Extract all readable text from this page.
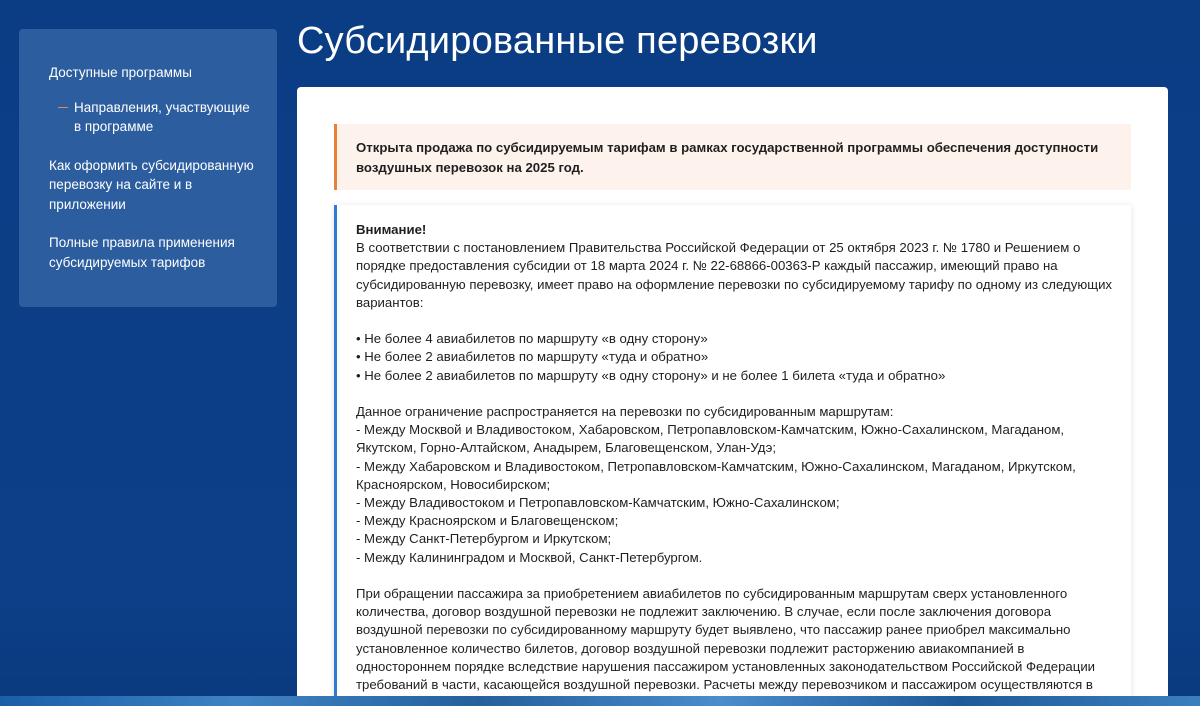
Доступные программы
Направления, участвующие в программе
Как оформить субсидированную перевозку на сайте и в приложении
Полные правила применения субсидируемых тарифов
Субсидированные перевозки
Открыта продажа по субсидируемым тарифам в рамках государственной программы обеспечения доступности воздушных перевозок на 2025 год.

Внимание!

В соответствии с постановлением Правительства Российской Федерации от 25 октября 2023 г. № 1780 и Решением о порядке предоставления субсидии от 18 марта 2024 г. № 22-68866-00363-Р каждый пассажир, имеющий право на субсидированную перевозку, имеет право на оформление перевозки по субсидируемому тарифу по одному из следующих вариантов:

• Не более 4 авиабилетов по маршруту «в одну сторону»

• Не более 2 авиабилетов по маршруту «туда и обратно»

• Не более 2 авиабилетов по маршруту «в одну сторону» и не более 1 билета «туда и обратно»

Данное ограничение распространяется на перевозки по субсидированным маршрутам:

- Между Москвой и Владивостоком, Хабаровском, Петропавловском-Камчатским, Южно-Сахалинском, Магаданом, Якутском, Горно-Алтайском, Анадырем, Благовещенском, Улан-Удэ;

- Между Хабаровском и Владивостоком, Петропавловском-Камчатским, Южно-Сахалинском, Магаданом, Иркутском, Красноярском, Новосибирском;

- Между Владивостоком и Петропавловском-Камчатским, Южно-Сахалинском;

- Между Красноярском и Благовещенском;

- Между Санкт-Петербургом и Иркутском;

- Между Калининградом и Москвой, Санкт-Петербургом.

При обращении пассажира за приобретением авиабилетов по субсидированным маршрутам сверх установленного количества, договор воздушной перевозки не подлежит заключению. В случае, если после заключения договора воздушной перевозки по субсидированному маршруту будет выявлено, что пассажир ранее приобрел максимально установленное количество билетов, договор воздушной перевозки подлежит расторжению авиакомпанией в одностороннем порядке вследствие нарушения пассажиром установленных законодательством Российской Федерации требований в части, касающейся воздушной перевозки. Расчеты между перевозчиком и пассажиром осуществляются в
